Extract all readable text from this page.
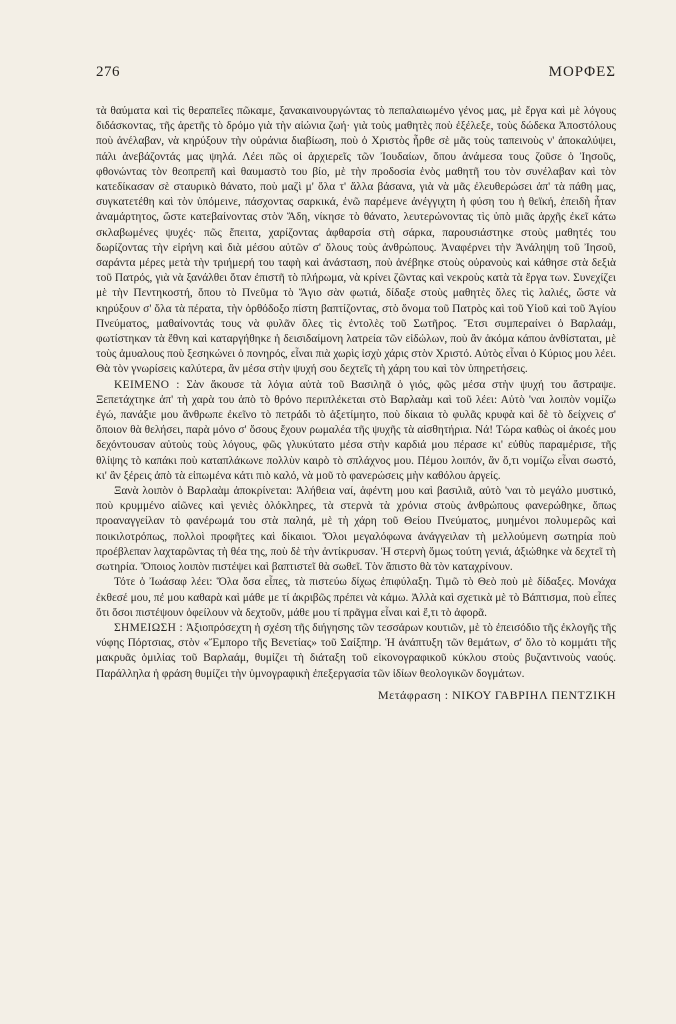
276	ΜΟΡΦΕΣ

τὰ θαύματα καὶ τὶς θεραπεῖες πῶκαμε, ξανακαινουργώντας τὸ πεπαλαιωμένο γένος μας, μὲ ἔργα καὶ μὲ λόγους διδάσκοντας, τῆς ἀρετῆς τὸ δρόμο γιὰ τὴν αἰώνια ζωή· γιὰ τοὺς μαθητὲς ποὺ ἐξέλεξε, τοὺς δώδεκα Ἀποστόλους ποὺ ἀνέλαβαν, νὰ κηρύξουν τὴν οὐράνια διαβίωση, ποὺ ὁ Χριστὸς ἦρθε σὲ μᾶς τοὺς ταπεινοὺς ν' ἀποκαλύψει, πάλι ἀνεβάζοντάς μας ψηλά. Λέει πῶς οἱ ἀρχιερεῖς τῶν Ἰουδαίων, ὅπου ἀνάμεσα τους ζοῦσε ὁ Ἰησοῦς, φθονώντας τὸν θεοπρεπῆ καὶ θαυμαστὸ του βίο, μὲ τὴν προδοσία ἑνὸς μαθητῆ του τὸν συνέλαβαν καὶ τὸν κατεδίκασαν σὲ σταυρικὸ θάνατο, ποὺ μαζὶ μ' ὅλα τ' ἄλλα βάσανα, γιὰ νὰ μᾶς ἐλευθερώσει ἀπ' τὰ πάθη μας, συγκατετέθη καὶ τὸν ὑπόμεινε, πάσχοντας σαρκικά, ἐνῶ παρέμενε ἀνέγγιχτη ἡ φύση του ἡ θεϊκή, ἐπειδὴ ἦταν ἀναμάρτητος, ὥστε κατεβαίνοντας στὸν Ἅδη, νίκησε τὸ θάνατο, λευτερώνοντας τὶς ὑπὸ μιᾶς ἀρχῆς ἐκεῖ κάτω σκλαβωμένες ψυχές· πῶς ἔπειτα, χαρίζοντας ἀφθαρσία στὴ σάρκα, παρουσιάστηκε στοὺς μαθητές του δωρίζοντας τὴν εἰρήνη καὶ διὰ μέσου αὐτῶν σ' ὅλους τοὺς ἀνθρώπους. Ἀναφέρνει τὴν Ἀνάληψη τοῦ Ἰησοῦ, σαράντα μέρες μετὰ τὴν τριήμερή του ταφὴ καὶ ἀνάσταση, ποὺ ἀνέβηκε στοὺς οὐρανοὺς καὶ κάθησε στὰ δεξιὰ τοῦ Πατρός, γιὰ νὰ ξανάλθει ὅταν ἐπιστῆ τὸ πλήρωμα, νὰ κρίνει ζῶντας καὶ νεκροὺς κατὰ τὰ ἔργα των. Συνεχίζει μὲ τὴν Πεντηκοστή, ὅπου τὸ Πνεῦμα τὸ Ἅγιο σὰν φωτιά, δίδαξε στοὺς μαθητὲς ὅλες τὶς λαλιές, ὥστε νὰ κηρύξουν σ' ὅλα τὰ πέρατα, τὴν ὀρθόδοξο πίστη βαπτίζοντας, στὸ ὄνομα τοῦ Πατρὸς καὶ τοῦ Υἱοῦ καὶ τοῦ Ἁγίου Πνεύματος, μαθαίνοντάς τους νὰ φυλᾶν ὅλες τὶς ἐντολὲς τοῦ Σωτῆρος. Ἔτσι συμπεραίνει ὁ Βαρλαάμ, φωτίστηκαν τὰ ἔθνη καὶ καταργήθηκε ἡ δεισιδαίμονη λατρεία τῶν εἰδώλων, ποὺ ἂν ἀκόμα κάπου ἀνθίσταται, μὲ τοὺς ἀμυαλους ποὺ ξεσηκώνει ὁ πονηρός, εἶναι πιὰ χωρὶς ἰσχὺ χάρις στὸν Χριστό. Αὐτὸς εἶναι ὁ Κύριος μου λέει. Θὰ τὸν γνωρίσεις καλύτερα, ἂν μέσα στὴν ψυχή σου δεχτεῖς τὴ χάρη του καὶ τὸν ὑπηρετήσεις.

ΚΕΙΜΕΝΟ : Σὰν ἄκουσε τὰ λόγια αὐτὰ τοῦ Βασιληᾶ ὁ γιός, φῶς μέσα στὴν ψυχή του ἄστραψε. Ξεπετάχτηκε ἀπ' τὴ χαρὰ του ἀπὸ τὸ θρόνο περιπλέκεται στὸ Βαρλαὰμ καὶ τοῦ λέει: Αὐτὸ 'ναι λοιπὸν νομίζω ἐγώ, πανάξιε μου ἄνθρωπε ἐκεῖνο τὸ πετράδι τὸ ἀξετίμητο, ποὺ δίκαια τὸ φυλᾶς κρυφὰ καὶ δὲ τὸ δείχνεις σ' ὅποιον θὰ θελήσει, παρὰ μόνο σ' ὅσους ἔχουν ρωμαλέα τῆς ψυχῆς τὰ αἰσθητήρια. Νά! Τώρα καθὼς οἱ ἀκοές μου δεχόντουσαν αὐτοὺς τοὺς λόγους, φῶς γλυκύτατο μέσα στὴν καρδιά μου πέρασε κι' εὐθὺς παραμέρισε, τῆς θλίψης τὸ καπάκι ποὺ καταπλάκωνε πολλὺν καιρὸ τὸ σπλάχνος μου. Πέμου λοιπόν, ἂν ὅ,τι νομίζω εἶναι σωστό, κι' ἂν ξέρεις ἀπὸ τὰ εἰπωμένα κάτι πιὸ καλό, νὰ μοῦ τὸ φανερώσεις μὴν καθόλου ἀργείς.

Ξανὰ λοιπὸν ὁ Βαρλαὰμ ἀποκρίνεται: Ἀλήθεια ναί, ἀφέντη μου καὶ βασιλιᾶ, αὐτὸ 'ναι τὸ μεγάλο μυστικό, ποὺ κρυμμένο αἰῶνες καὶ γενιὲς ὁλόκληρες, τὰ στερνὰ τὰ χρόνια στοὺς ἀνθρώπους φανερώθηκε, ὅπως προαναγγείλαν τὸ φανέρωμά του στὰ παληά, μὲ τὴ χάρη τοῦ Θείου Πνεύματος, μυημένοι πολυμερῶς καὶ ποικιλοτρόπως, πολλοὶ προφῆτες καὶ δίκαιοι. Ὅλοι μεγαλόφωνα ἀνάγγειλαν τὴ μελλούμενη σωτηρία ποὺ προέβλεπαν λαχταρῶντας τὴ θέα της, ποὺ δὲ τὴν ἀντίκρυσαν. Ἡ στερνὴ ὅμως τούτη γενιά, ἀξιώθηκε νὰ δεχτεῖ τὴ σωτηρία. Ὅποιος λοιπὸν πιστέψει καὶ βαπτιστεῖ θὰ σωθεῖ. Τὸν ἄπιστο θὰ τὸν καταχρίνουν.

Τότε ὁ Ἰωάσαφ λέει: Ὅλα ὅσα εἶπες, τὰ πιστεύω δίχως ἐπιφύλαξη. Τιμῶ τὸ Θεὸ ποὺ μὲ δίδαξες. Μονάχα ἐκθεσέ μου, πέ μου καθαρὰ καὶ μάθε με τί ἀκριβῶς πρέπει νὰ κάμω. Ἀλλὰ καὶ σχετικὰ μὲ τὸ Βάπτισμα, ποὺ εἶπες ὅτι ὅσοι πιστέψουν ὀφείλουν νὰ δεχτοῦν, μάθε μου τί πρᾶγμα εἶναι καὶ ἔ,τι τὸ ἀφορᾶ.

ΣΗΜΕΙΩΣΗ : Ἀξιοπρόσεχτη ἡ σχέση τῆς διήγησης τῶν τεσσάρων κουτιῶν, μὲ τὸ ἐπεισόδιο τῆς ἐκλογῆς τῆς νύφης Πόρτσιας, στὸν «Ἔμπορο τῆς Βενετίας» τοῦ Σαίξπηρ. Ἡ ἀνάπτυξη τῶν θεμάτων, σ' ὅλο τὸ κομμάτι τῆς μακρυᾶς ὁμιλίας τοῦ Βαρλαάμ, θυμίζει τὴ διάταξη τοῦ εἰκονογραφικοῦ κύκλου στοὺς βυζαντινοὺς ναούς. Παράλληλα ἡ φράση θυμίζει τὴν ὑμνογραφικὴ ἐπεξεργασία τῶν ἰδίων θεολογικῶν δογμάτων.

Μετάφραση : ΝΙΚΟΥ ΓΑΒΡΙΗΛ ΠΕΝΤΖΙΚΗ
